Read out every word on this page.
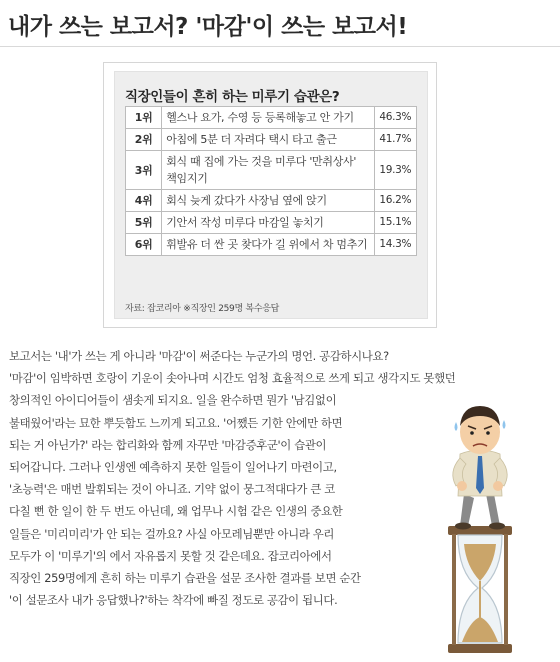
내가 쓰는 보고서? '마감'이 쓰는 보고서!
직장인들이 흔히 하는 미루기 습관은?
1위	헬스나 요가, 수영 등 등록해놓고 안 가기	46.3%
2위	아침에 5분 더 자려다 택시 타고 출근	41.7%
3위	회식 때 집에 가는 것을 미루다 '만취상사' 책임지기	19.3%
4위	회식 늦게 갔다가 사장님 옆에 앉기	16.2%
5위	기안서 작성 미루다 마감일 놓치기	15.1%
6위	휘발유 더 싼 곳 찾다가 길 위에서 차 멈추기	14.3%
자료: 잡코리아 ※직장인 259명 복수응답
보고서는 '내'가 쓰는 게 아니라 '마감'이 써준다는 누군가의 명언. 공감하시나요?
'마감'이 임박하면 호랑이 기운이 솟아나며 시간도 엄청 효율적으로 쓰게 되고 생각지도 못했던
창의적인 아이디어들이 샘솟게 되지요. 일을 완수하면 뭔가 '남김없이
불태웠어'라는 묘한 뿌듯함도 느끼게 되고요. '어쨌든 기한 안에만 하면
되는 거 아닌가?' 라는 합리화와 함께 자꾸만 '마감증후군'이 습관이
되어갑니다. 그러나 인생엔 예측하지 못한 일들이 일어나기 마련이고,
'초능력'은 매번 발휘되는 것이 아니죠. 기약 없이 뭉그적대다가 큰 코
다칠 뻔 한 일이 한 두 번도 아닌데, 왜 업무나 시험 같은 인생의 중요한
일들은 '미리미리'가 안 되는 걸까요? 사실 아모레님뿐만 아니라 우리
모두가 이 '미루기'의 에서 자유롭지 못할 것 같은데요. 잡코리아에서
직장인 259명에게 흔히 하는 미루기 습관을 설문 조사한 결과를 보면 순간
'이 설문조사 내가 응답했나?'하는 착각에 빠질 정도로 공감이 됩니다.
